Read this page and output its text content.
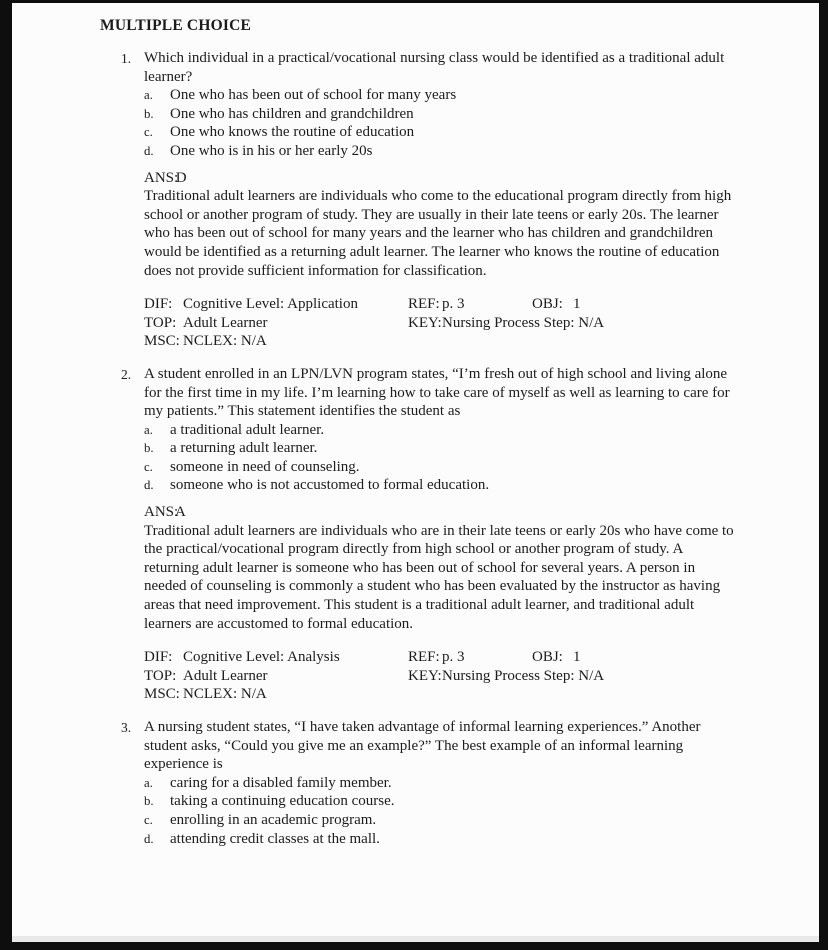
MULTIPLE CHOICE
1. Which individual in a practical/vocational nursing class would be identified as a traditional adult learner?

a.	One who has been out of school for many years
b.	One who has children and grandchildren
c.	One who knows the routine of education
d.	One who is in his or her early 20s
ANS: D

Traditional adult learners are individuals who come to the educational program directly from high school or another program of study. They are usually in their late teens or early 20s. The learner who has been out of school for many years and the learner who has children and grandchildren would be identified as a returning adult learner. The learner who knows the routine of education does not provide sufficient information for classification.

DIF: Cognitive Level: Application	REF: p. 3	OBJ: 1
TOP: Adult Learner	KEY:Nursing Process Step: N/A
MSC: NCLEX: N/A
2. A student enrolled in an LPN/LVN program states, “I’m fresh out of high school and living alone for the first time in my life. I’m learning how to take care of myself as well as learning to care for my patients.” This statement identifies the student as

a.	a traditional adult learner.
b.	a returning adult learner.
c.	someone in need of counseling.
d.	someone who is not accustomed to formal education.
ANS: A

Traditional adult learners are individuals who are in their late teens or early 20s who have come to the practical/vocational program directly from high school or another program of study. A returning adult learner is someone who has been out of school for several years. A person in needed of counseling is commonly a student who has been evaluated by the instructor as having areas that need improvement. This student is a traditional adult learner, and traditional adult learners are accustomed to formal education.

DIF: Cognitive Level: Analysis	REF: p. 3	OBJ: 1
TOP: Adult Learner	KEY:Nursing Process Step: N/A
MSC: NCLEX: N/A
3. A nursing student states, “I have taken advantage of informal learning experiences.” Another student asks, “Could you give me an example?” The best example of an informal learning experience is

a.	caring for a disabled family member.
b.	taking a continuing education course.
c.	enrolling in an academic program.
d.	attending credit classes at the mall.
